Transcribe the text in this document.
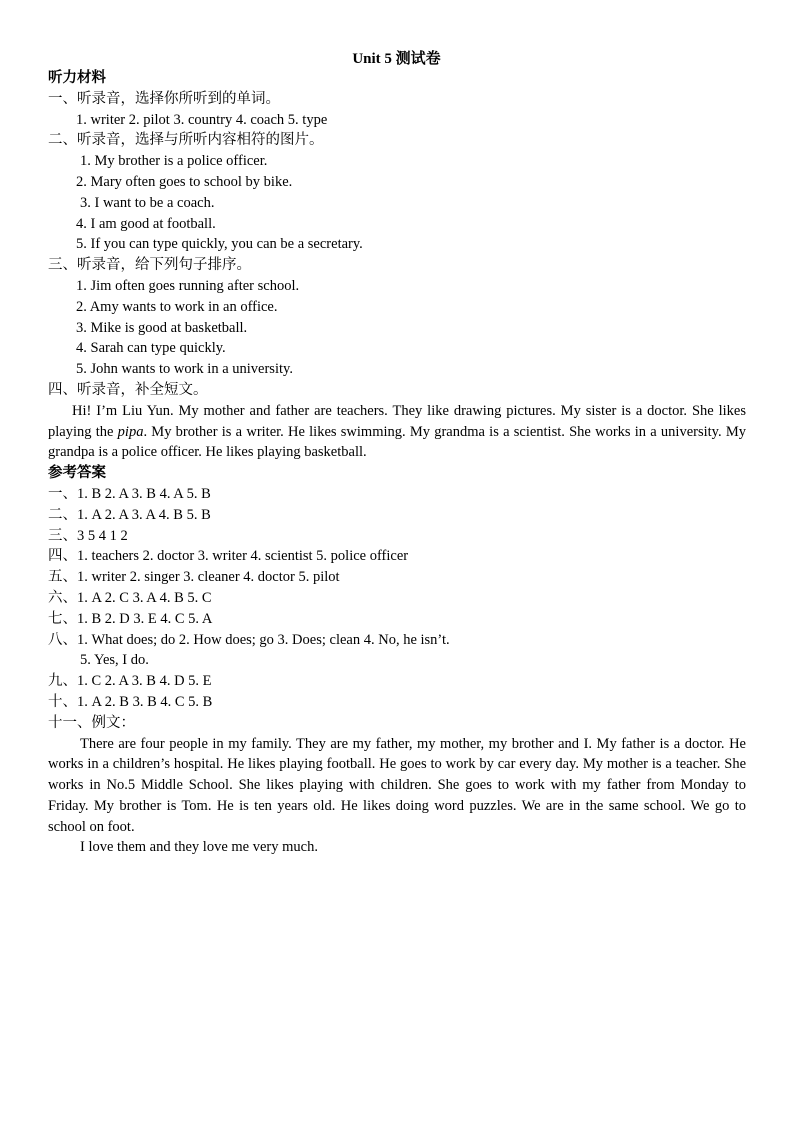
Unit 5 测试卷
听力材料
一、听录音，选择你所听到的单词。
1. writer 2. pilot 3. country 4. coach 5. type
二、听录音，选择与所听内容相符的图片。
1. My brother is a police officer.
2. Mary often goes to school by bike.
3. I want to be a coach.
4. I am good at football.
5. If you can type quickly, you can be a secretary.
三、听录音，给下列句子排序。
1. Jim often goes running after school.
2. Amy wants to work in an office.
3. Mike is good at basketball.
4. Sarah can type quickly.
5. John wants to work in a university.
四、听录音，补全短文。
Hi! I’m Liu Yun. My mother and father are teachers. They like drawing pictures. My sister is a doctor. She likes playing the pipa. My brother is a writer. He likes swimming. My grandma is a scientist. She works in a university. My grandpa is a police officer. He likes playing basketball.
参考答案
一、1. B 2. A 3. B 4. A 5. B
二、1. A 2. A 3. A 4. B 5. B
三、3 5 4 1 2
四、1. teachers 2. doctor 3. writer 4. scientist 5. police officer
五、1. writer 2. singer 3. cleaner 4. doctor 5. pilot
六、1. A 2. C 3. A 4. B 5. C
七、1. B 2. D 3. E 4. C 5. A
八、1. What does; do 2. How does; go 3. Does; clean 4. No, he isn’t.
5. Yes, I do.
九、1. C 2. A 3. B 4. D 5. E
十、1. A 2. B 3. B 4. C 5. B
十一、例文：
There are four people in my family. They are my father, my mother, my brother and I. My father is a doctor. He works in a children’s hospital. He likes playing football. He goes to work by car every day. My mother is a teacher. She works in No.5 Middle School. She likes playing with children. She goes to work with my father from Monday to Friday. My brother is Tom. He is ten years old. He likes doing word puzzles. We are in the same school. We go to school on foot.
I love them and they love me very much.
